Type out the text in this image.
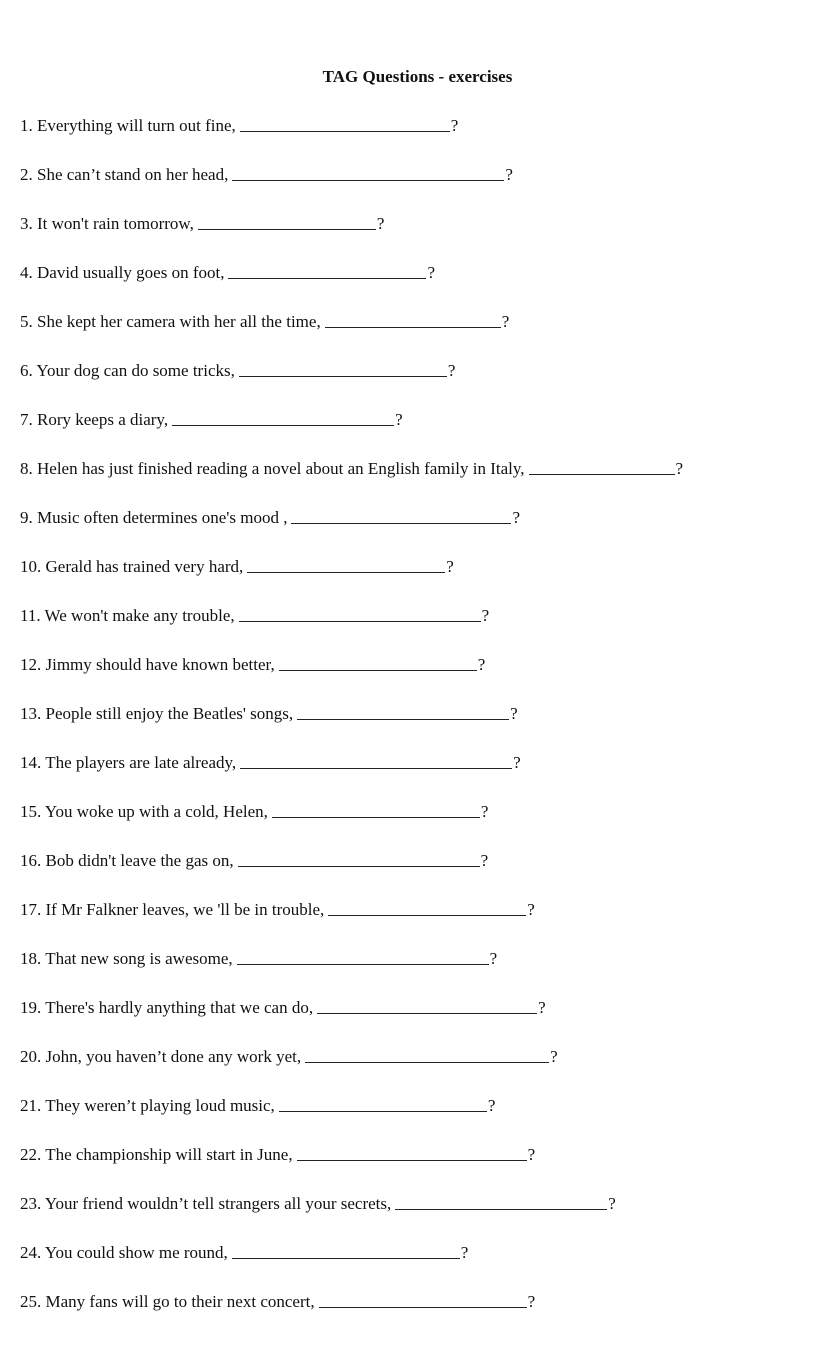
TAG Questions - exercises
1. Everything will turn out fine,	?
2. She can’t stand on her head,	?
3. It won't rain tomorrow,	?
4. David usually goes on foot,	?
5. She kept her camera with her all the time,	?
6. Your dog can do some tricks,	?
7. Rory keeps a diary,	?
8. Helen has just finished reading a novel about an English family in Italy,	?
9. Music often determines one's mood ,	?
10. Gerald has trained very hard,	?
11. We won't make any trouble,	?
12. Jimmy should have known better,	?
13. People still enjoy the Beatles' songs,	?
14. The players are late already,	?
15. You woke up with a cold, Helen,	?
16. Bob didn't leave the gas on,	?
17. If Mr Falkner leaves, we 'll be in trouble,	?
18. That new song is awesome,	?
19. There's hardly anything that we can do,	?
20. John, you haven’t done any work yet,	?
21. They weren’t playing loud music,	?
22. The championship will start in June,	?
23. Your friend wouldn’t tell strangers all your secrets,	?
24. You could show me round,	?
25. Many fans will go to their next concert,	?
